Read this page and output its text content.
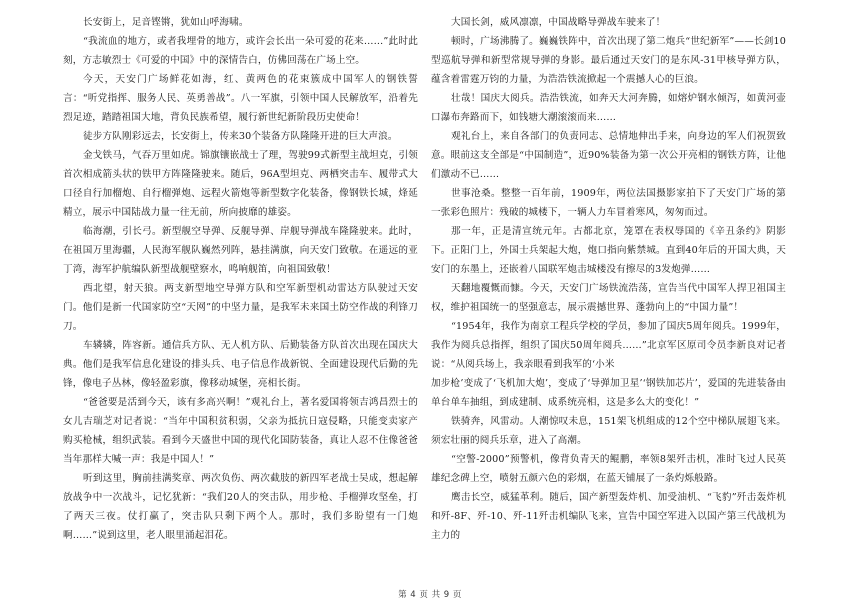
长安街上，足音铿锵，犹如山呼海啸。

“我流血的地方，或者我埋骨的地方，或许会长出一朵可爱的花来……”此时此刻，方志敏烈士《可爱的中国》中的深情告白，仿佛回荡在广场上空。

今天，天安门广场鲜花如海，红、黄两色的花束簇成中国军人的钢铁誓言：“听党指挥、服务人民、英勇善战”。八一军旗，引领中国人民解放军，沿着先烈足迹，踏踏祖国大地，背负民族希望，履行新世纪新阶段历史使命！

徒步方队刚彩远去，长安街上，传来30个装备方队隆隆开进的巨大声浪。

金戈铁马，气吞万里如虎。锦旗镶嵌战士了理，驾驶99式新型主战坦克，引领首次相成箭头状的铁甲方阵隆隆驶来。随后，96A型坦克、两栖突击车、履带式大口径自行加榴炮、自行榴弹炮、远程火箭炮等新型数字化装备，像钢铁长城，烽延精立，展示中国陆战力量一往无前，所向披靡的雄姿。

临海潮，引长弓。新型舰空导弹、反舰导弹、岸舰导弹战车隆隆驶来。此时，在祖国万里海疆，人民海军舰队巍然列阵，悬挂满旗，向天安门致敬。在遥远的亚丁湾，海军护航编队新型战舰壁察水，鸣响舰笛，向祖国致敬！

西北望，射天狼。两支新型地空导弹方队和空军新型机动雷达方队驶过天安门。他们是新一代国家防空“天网”的中坚力量，是我军未来国土防空作战的利锋刀刀。

车辚辚，阵容新。通信兵方队、无人机方队、后勤装备方队首次出现在国庆大典。他们是我军信息化建设的排头兵、电子信息作战新锐、全面建设现代后勤的先锋，像电子丛林，像轻盈彩旗，像移动城堡，亮相长街。

“爸爸要是活到今天，该有多高兴啊！”观礼台上，著名爱国将领吉鸿昌烈士的女儿吉瑞芝对记者说：“当年中国积贫积弱，父亲为抵抗日寇侵略，只能变卖家产购买枪械，组织武装。看到今天盛世中国的现代化国防装备，真让人忍不住像爸爸当年那样大喊一声：我是中国人！”

听到这里，胸前挂满奖章、两次负伤、两次截肢的新四军老战士吴成，想起解放战争中一次战斗，记忆犹新：“我们20人的突击队，用步枪、手榴弹攻坚垒，打了两天三夜。仗打赢了，突击队只剩下两个人。那时，我们多盼望有一门炮啊……”说到这里，老人眼里涌起泪花。

大国长剑，威风凛凛，中国战略导弹战车驶来了！

顿时，广场沸腾了。巍巍铁阵中，首次出现了第二炮兵“世纪新军”——长剑10型巡航导弹和新型常规导弹的身影。最后通过天安门的是东风-31甲核导弹方队，蕴含着雷霆万钧的力量，为浩浩铁流掀起一个震撼人心的巨浪。

壮哉！国庆大阅兵。浩浩铁流，如奔天大河奔腾，如熔炉钢水倾泻，如黄河壶口瀑布奔路而下，如钱塘大潮滚滚而来……

观礼台上，来自各部门的负责同志、总情地伸出手来，向身边的军人们祝贺致意。眼前这支全部是“中国制造”，近90%装备为第一次公开亮相的钢铁方阵，让他们激动不已……

世事沧桑。整整一百年前，1909年，两位法国摄影家拍下了天安门广场的第一张彩色照片：残破的城楼下，一辆人力车冒着寒风，匆匆而过。

那一年，正是清宣统元年。古都北京，笼罩在表权辱国的《辛丑条约》阴影下。正阳门上，外国士兵架起大炮，炮口指向紫禁城。直到40年后的开国大典，天安门的东墨上，还嵌着八国联军炮击城楼没有擦尽的3发炮弹……

天翻地覆慨而慷。今天，天安门广场铁流浩荡，宣告当代中国军人捍卫祖国主权，维护祖国统一的坚强意志，展示震撼世界、蓬勃向上的“中国力量”！

“1954年，我作为南京工程兵学校的学员，参加了国庆5周年阅兵。1999年，我作为阅兵总指挥，组织了国庆50周年阅兵……”北京军区原司令员李新良对记者说：“从阅兵场上，我亲眼看到我军的‘小米

加步枪’变成了‘飞机加大炮’，变成了‘导弹加卫星’‘钢铁加芯片’，爱国的先进装备由单台单车抽组，到成建制、成系统亮相，这是多么大的变化！”

铁骑奔，风雷动。人潮惊叹未息，151架飞机组成的12个空中梯队展翅飞来。须宏壮丽的阅兵乐章，进入了高潮。

“空警-2000”预警机，像背负青天的鲲鹏，率领8架歼击机，准时飞过人民英雄纪念碑上空，喷射五颜六色的彩烟，在蓝天铺展了一条灼烁般路。

鹰击长空，威猛革利。随后，国产新型轰炸机、加受油机、“飞豹”歼击轰炸机和歼-8F、歼-10、歼-11歼击机编队飞来，宣告中国空军进入以国产第三代战机为主力的

第 4 页 共 9 页
